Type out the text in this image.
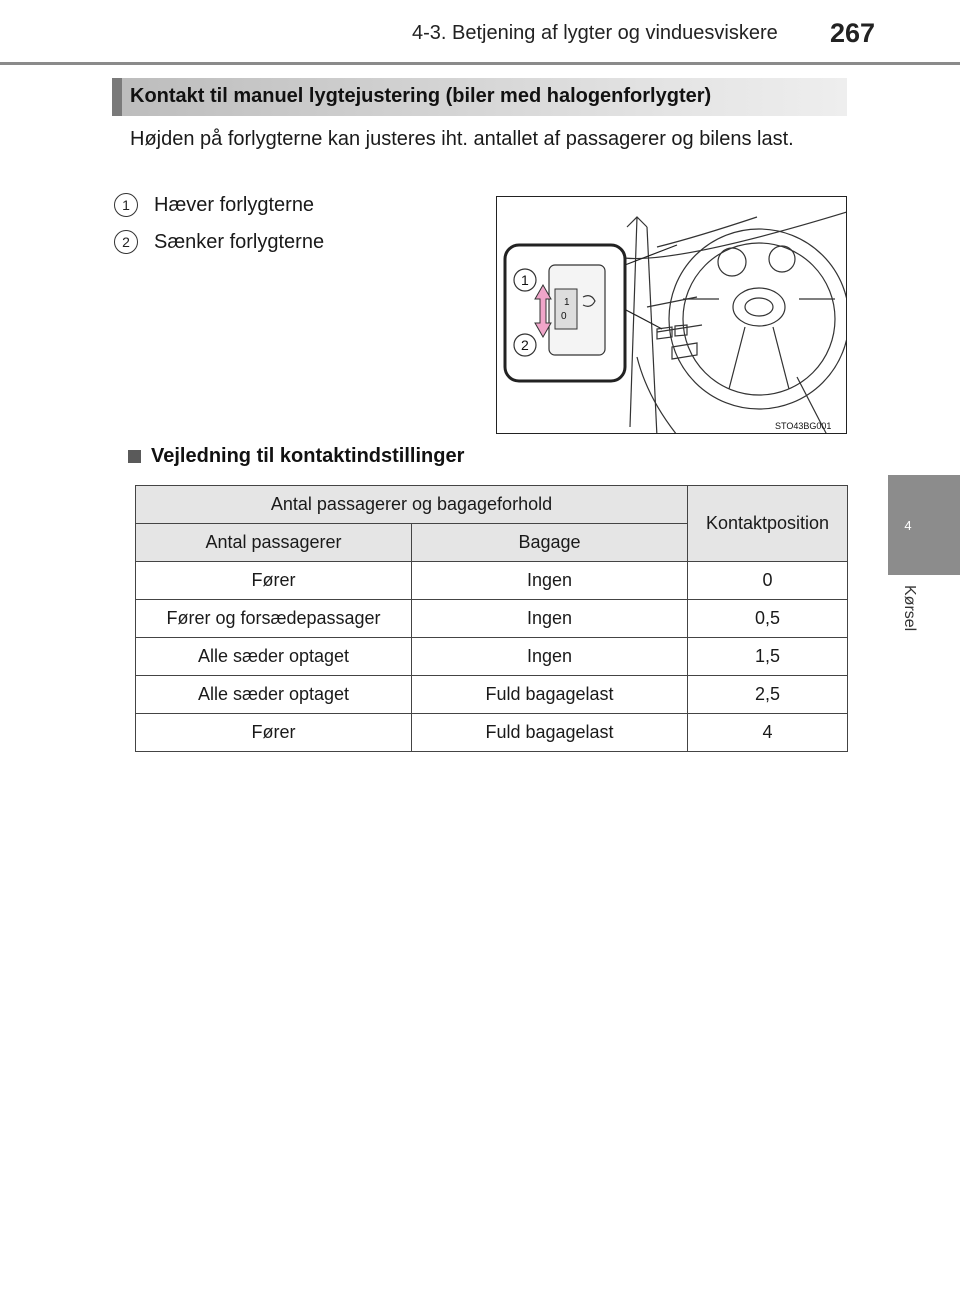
4-3. Betjening af lygter og vinduesviskere 267
4
Kørsel
Kontakt til manuel lygtejustering (biler med halogenforlygter)
Højden på forlygterne kan justeres iht. antallet af passagerer og bilens last.
1	Hæver forlygterne
2	Sænker forlygterne
1
0
1
2
STO43BG001
Vejledning til kontaktindstillinger
Antal passagerer og bagageforhold		Kontaktposition
Antal passagerer	Bagage	
Fører	Ingen	0
Fører og forsædepassager	Ingen	0,5
Alle sæder optaget	Ingen	1,5
Alle sæder optaget	Fuld bagagelast	2,5
Fører	Fuld bagagelast	4
